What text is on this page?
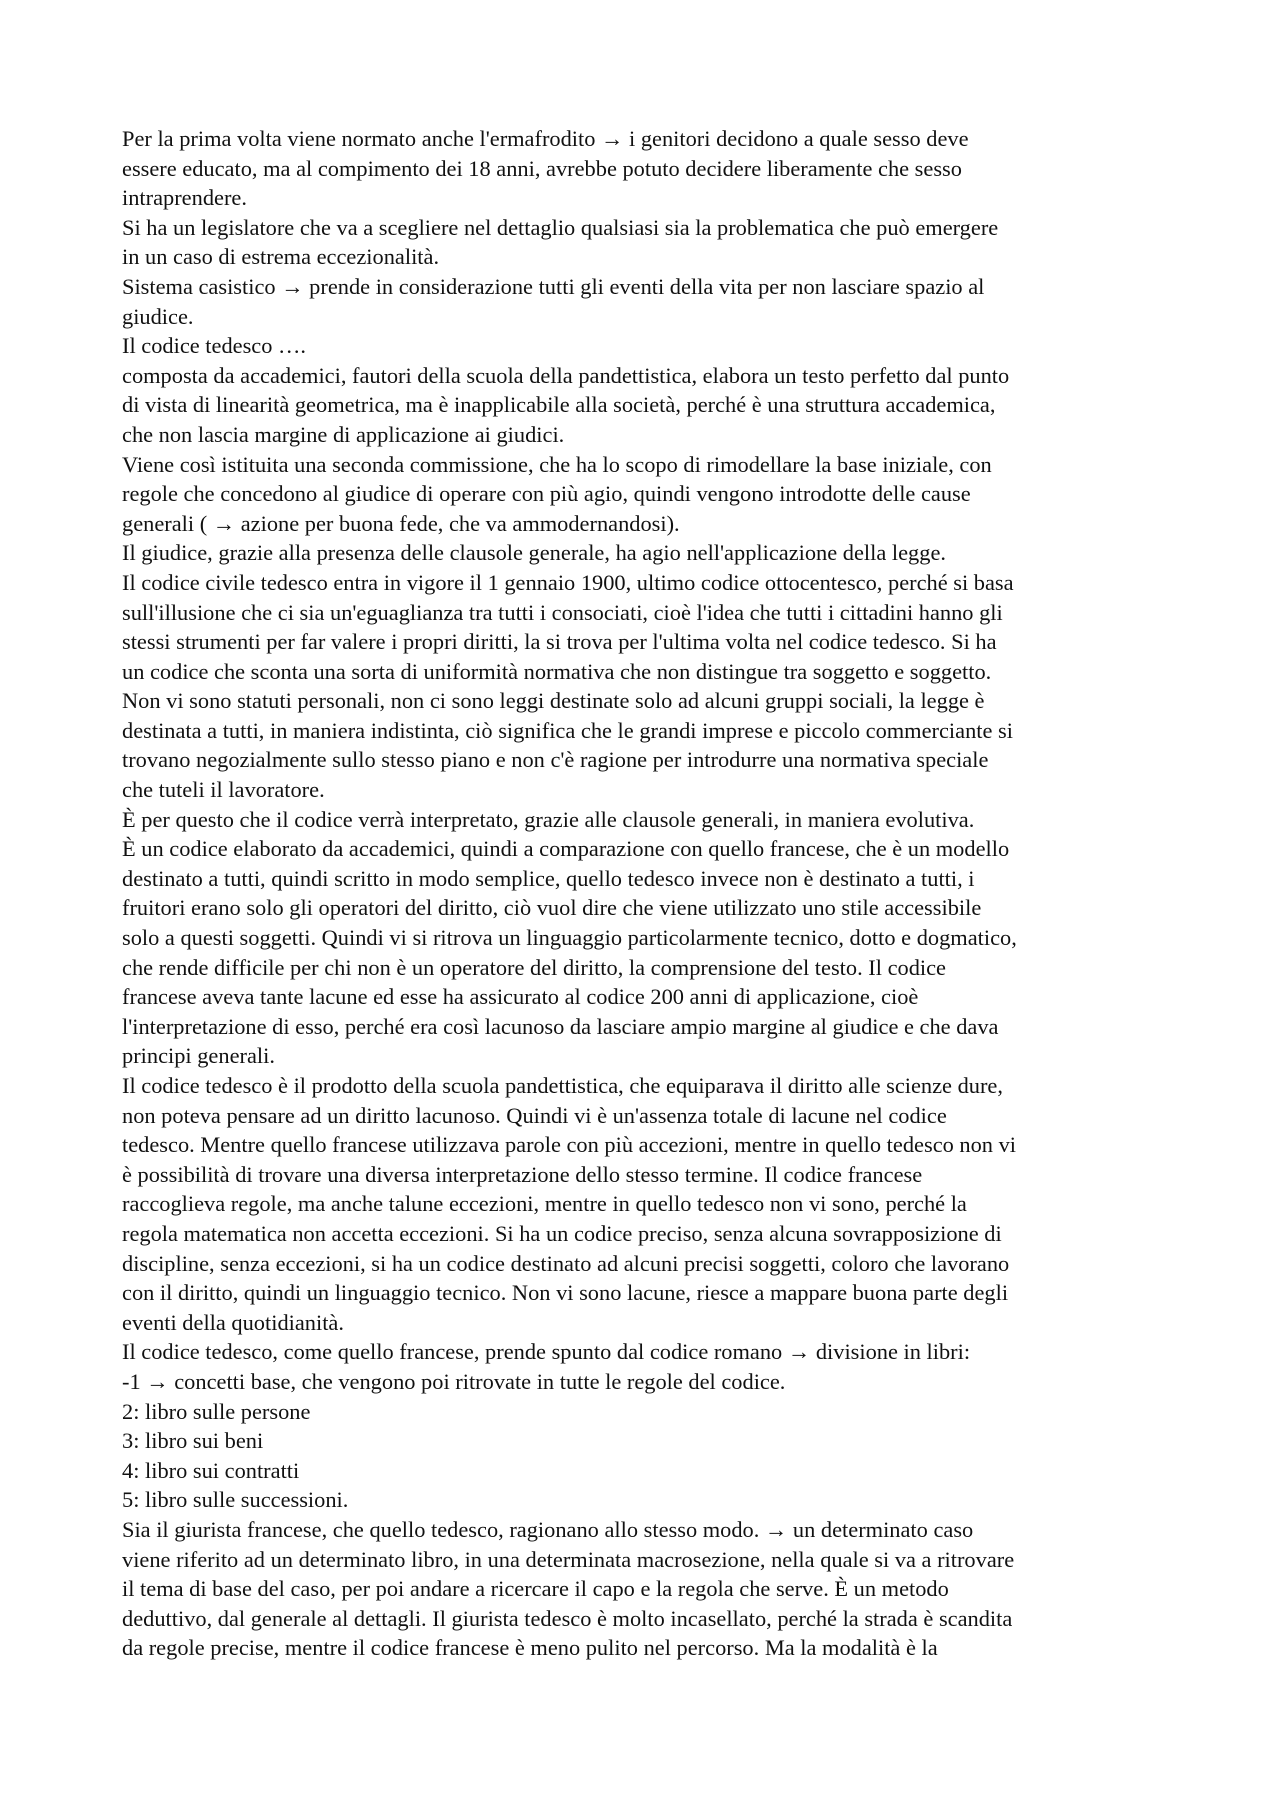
Per la prima volta viene normato anche l'ermafrodito → i genitori decidono a quale sesso deve

essere educato, ma al compimento dei 18 anni, avrebbe potuto decidere liberamente che sesso

intraprendere.

Si ha un legislatore che va a scegliere nel dettaglio qualsiasi sia la problematica che può emergere

in un caso di estrema eccezionalità.

Sistema casistico → prende in considerazione tutti gli eventi della vita per non lasciare spazio al

giudice.

Il codice tedesco ….

composta da accademici, fautori della scuola della pandettistica, elabora un testo perfetto dal punto

di vista di linearità geometrica, ma è inapplicabile alla società, perché è una struttura accademica,

che non lascia margine di applicazione ai giudici.

Viene così istituita una seconda commissione, che ha lo scopo di rimodellare la base iniziale, con

regole che concedono al giudice di operare con più agio, quindi vengono introdotte delle cause

generali ( → azione per buona fede, che va ammodernandosi).

Il giudice, grazie alla presenza delle clausole generale, ha agio nell'applicazione della legge.

Il codice civile tedesco entra in vigore il 1 gennaio 1900, ultimo codice ottocentesco, perché si basa

sull'illusione che ci sia un'eguaglianza tra tutti i consociati, cioè l'idea che tutti i cittadini hanno gli

stessi strumenti per far valere i propri diritti, la si trova per l'ultima volta nel codice tedesco. Si ha

un codice che sconta una sorta di uniformità normativa che non distingue tra soggetto e soggetto.

Non vi sono statuti personali, non ci sono leggi destinate solo ad alcuni gruppi sociali, la legge è

destinata a tutti, in maniera indistinta, ciò significa che le grandi imprese e piccolo commerciante si

trovano negozialmente sullo stesso piano e non c'è ragione per introdurre una normativa speciale

che tuteli il lavoratore.

È per questo che il codice verrà interpretato, grazie alle clausole generali, in maniera evolutiva.

È un codice elaborato da accademici, quindi a comparazione con quello francese, che è un modello

destinato a tutti, quindi scritto in modo semplice, quello tedesco invece non è destinato a tutti, i

fruitori erano solo gli operatori del diritto, ciò vuol dire che viene utilizzato uno stile accessibile

solo a questi soggetti. Quindi vi si ritrova un linguaggio particolarmente tecnico, dotto e dogmatico,

che rende difficile per chi non è un operatore del diritto, la comprensione del testo. Il codice

francese aveva tante lacune ed esse ha assicurato al codice 200 anni di applicazione, cioè

l'interpretazione di esso, perché era così lacunoso da lasciare ampio margine al giudice e che dava

principi generali.

Il codice tedesco è il prodotto della scuola pandettistica, che equiparava il diritto alle scienze dure,

non poteva pensare ad un diritto lacunoso. Quindi vi è un'assenza totale di lacune nel codice

tedesco. Mentre quello francese utilizzava parole con più accezioni, mentre in quello tedesco non vi

è possibilità di trovare una diversa interpretazione dello stesso termine. Il codice francese

raccoglieva regole, ma anche talune eccezioni, mentre in quello tedesco non vi sono, perché la

regola matematica non accetta eccezioni. Si ha un codice preciso, senza alcuna sovrapposizione di

discipline, senza eccezioni, si ha un codice destinato ad alcuni precisi soggetti, coloro che lavorano

con il diritto, quindi un linguaggio tecnico. Non vi sono lacune, riesce a mappare buona parte degli

eventi della quotidianità.

Il codice tedesco, come quello francese, prende spunto dal codice romano → divisione in libri:

-1 → concetti base, che vengono poi ritrovate in tutte le regole del codice.

2: libro sulle persone

3: libro sui beni

4: libro sui contratti

5: libro sulle successioni.

Sia il giurista francese, che quello tedesco, ragionano allo stesso modo. → un determinato caso

viene riferito ad un determinato libro, in una determinata macrosezione, nella quale si va a ritrovare

il tema di base del caso, per poi andare a ricercare il capo e la regola che serve. È un metodo

deduttivo, dal generale al dettagli. Il giurista tedesco è molto incasellato, perché la strada è scandita

da regole precise, mentre il codice francese è meno pulito nel percorso. Ma la modalità è la
